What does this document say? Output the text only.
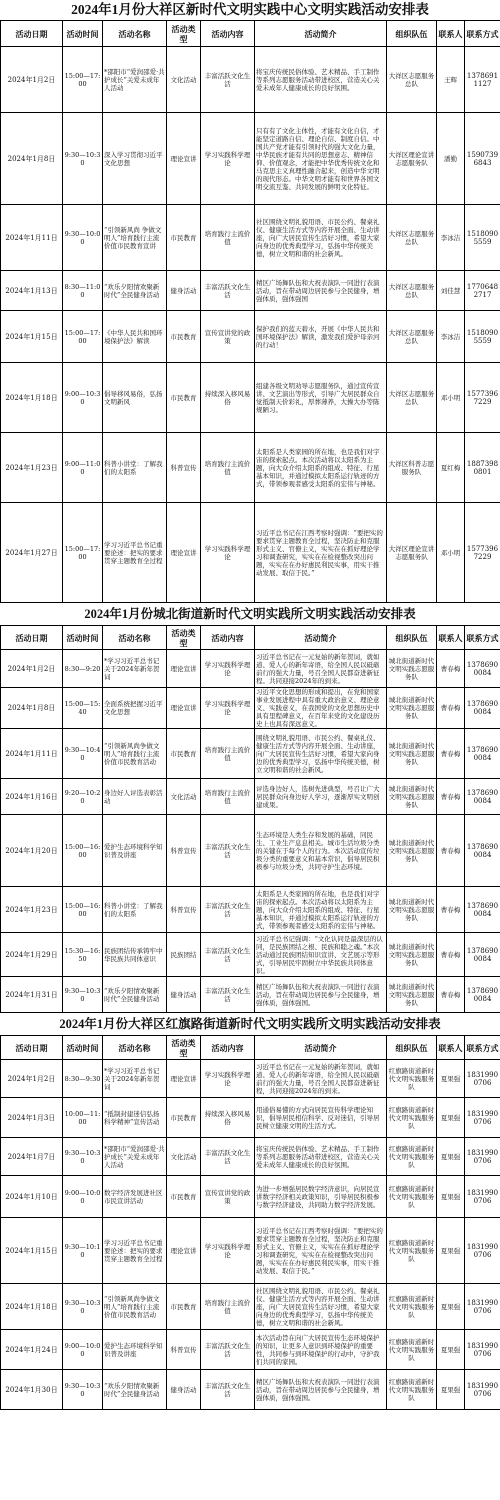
2024年1月份大祥区新时代文明实践中心文明实践活动安排表
活动日期	活动时间	活动名称	活动类型	活动内容	活动简介	组织队伍	联系人	联系方式
2024年1月2日	15:00—17:00	*邵阳市“爱润邵爱·共护成长”关爱未成年人活动	文化活动	丰富活跃文化生活	将宝庆传统民俗体验、艺术精品、手工制作等系列志愿服务活动带进校区，营造关心关爱未成年人健康成长的良好氛围。	大祥区志愿服务总队	王辉	13786911127
2024年1月8日	9:30—10:30	深入学习贯彻习近平文化思想	理论宣讲	学习实践科学理论	只有有了文化主体性，才能有文化自信，才能坚定道路自信、理论自信、制度自信。中国共产党才能有引领时代的强大文化力量，中华民族才能有共同的思想意志、精神信仰、价值观念，才能把中华优秀传统文化和马克思主义真理性融合起来，创造中华文明的现代形态。中华文明才能有和世界各国文明交流互鉴、共同发展的鲜明文化特征。	大祥区理论宣讲志愿服务队	潘勤	15907396843
2024年1月11日	9:30—10:00	“引领新风尚 争做文明人”培育践行主流价值市民教育宣讲	市民教育	培育践行主流价值	社区围绕文明礼貌用语、市民公约、餐桌礼仪、健康生活方式等内容开展全面、生动讲座，向广大居民宣传生活好习惯，希望大家向身边的优秀典型学习，弘扬中华传统美德，树立文明和谐的社会新风。	大祥区志愿服务总队	李冰洁	15180905559
2024年1月13日	8:30—11:00	“欢乐夕阳情欢聚新时代”全民健身活动	健身活动	丰富活跃文化生活	精区广场舞队伍和大祝表演队一同进行表演活动，旨在带动周边居民参与全民健身，增强体质，强体强国	大祥区志愿服务总队	刘佳慧	17706482717
2024年1月15日	15:00—17:00	《中华人民共和国环境保护法》解读	市民教育	宣传宣讲党的政策	保护我们的蓝天碧水，开展《中华人民共和国环境保护法》解读，激发我们爱护母亲河的行动！	大祥区志愿服务总队	李冰洁	15180905559
2024年1月18日	9:00—10:30	倡导移风易俗，弘扬文明新风	市民教育	持续深入移风易俗	组建各级文明劝导志愿服务队，通过宣传宣讲、文艺演出等形式，引导广大居民群众自觉抵制天价彩礼，厚葬薄养，大操大办等陈规陋习。	大祥区志愿服务总队	邓小明	15773967229
2024年1月23日	9:00—11:00	科普小讲堂：了解我们的太阳系	科普宣传	培育践行主流价值	太阳系是人类家园的所在地，也是我们对宇宙的探索起点。本次活动将以太阳系为主题，向大众介绍太阳系的组成、特征、行星基本知识，并通过模拟太阳系运行轨迹的方式，带领参观者感受太阳系的宏伟与神秘。	大祥区科普志愿服务队	夏红梅	18873980801
2024年1月27日	15:00—17:00	学习习近平总书记重要论述：把实的要求贯穿主题教育全过程	理论宣讲	学习实践科学理论	习近平总书记在江西考察时强调：“要把实的要求贯穿主题教育全过程，坚决防止和克服形式主义、官僚主义，实实在在抓好理论学习和调查研究，实实在在检视整改突出问题，实实在在办好惠民利民实事，用实干推动发展、取信于民。”	大祥区理论宣讲志愿服务队	邓小明	15773967229
2024年1月份城北街道新时代文明实践所文明实践活动安排表
活动日期	活动时间	活动名称	活动类型	活动内容	活动简介	组织队伍	联系人	联系方式
2024年1月2日	8:30—9:20	*学习习近平总书记关于2024年新年贺词	理论宣讲	学习实践科学理论	习近平总书记在一元复始的新年贺词，就如道、爱人心的新年寄语，给全国人民以砥砺前行的强大力量，号召全国人民都奋进新征程。共同迎接2024年的到来。	城北街道新时代文明实践志愿服务队	曹春梅	13786900084
2024年1月8日	15:00—15:40	全面系统把握习近平文化思想	理论宣讲	学习实践科学理论	习近平文化思想的形成和提出，在党和国家事业发展进程中具有重大政治意义、理论意义、实践意义，在我国党的文化思想历史中具有里程碑意义，在百年来党的文化建设历史上也具有深远意义。	城北街道新时代文明实践志愿服务队	曹春梅	13786900084
2024年1月11日	9:30—10:40	“引领新风尚争做文明人”培育践行主流价值市民教育活动	市民教育	培育践行主流价值	围绕文明礼貌用语、市民公约、餐桌礼仪、健康生活方式等内容开展全面、生动讲座，向广大居民宣传生活好习惯，希望大家向身边的优秀典型学习，弘扬中华传统美德，树立文明和谐的社会新风。	城北街道新时代文明实践志愿服务队	曹春梅	13786900084
2024年1月16日	9:20—10:20	身边好人评选表彰活动	文化活动	培育践行主流价值	评选身边好人，选树先进典型，号召让广大居民群众向身边好人学习，逐渐厚实文明创建成果。	城北街道新时代文明实践志愿服务队	曹春梅	13786900084
2024年1月20日	15:00—16:00	爱护生态环境科学知识普及讲座	科普宣传	丰富活跃文化生活	生态环境是人类生存和发展的基础，同民生、工业生产息息相关。城市生活垃圾分类的关键在于每个人的行为。本次活动宣传垃圾分类的重要意义和基本常识，倡导居民积极参与垃圾分类，共同守护生态环境。	城北街道新时代文明实践志愿服务队	曹春梅	13786900084
2024年1月23日	15:00—16:00	科普小讲堂：了解我们的太阳系	科普宣传	丰富活跃文化生活	太阳系是人类家园的所在地，也是我们对宇宙的探索起点。本次活动将以太阳系为主题，向大众介绍太阳系的组成、特征、行星基本知识，并通过模拟太阳系运行轨迹的方式，带领参观者感受太阳系的宏伟与神秘。	城北街道新时代文明实践志愿服务队	曹春梅	13786900084
2024年1月29日	15:30—16:50	民族团结传承铸牢中华民族共同体意识	民族团结	丰富活跃文化生活	习近平总书记强调：“文化认同是最深层的认同，是民族团结之根、民族和睦之魂。”本次活动通过民族团结知识宣讲、文艺展示等形式，引导居民牢固树立中华民族共同体意识。	城北街道新时代文明实践志愿服务队	曹春梅	13786900084
2024年1月31日	9:30—10:30	“欢乐夕阳情欢聚新时代”全民健身活动	健身活动	丰富活跃文化生活	精区广场舞队伍和大祝表演队一同进行表演活动，旨在带动周边居民参与全民健身，增强体质，强体强国。	城北街道新时代文明实践志愿服务队	曹春梅	13786900084
2024年1月份大祥区红旗路街道新时代文明实践所文明实践活动安排表
活动日期	活动时间	活动名称	活动类型	活动内容	活动简介	组织队伍	联系人	联系方式
2024年1月2日	8:30—9:30	*学习习近平总书记关于2024年新年贺词	理论宣讲	学习实践科学理论	习近平总书记在一元复始的新年贺词，就如道、爱人心的新年寄语，给全国人民以砥砺前行的强大力量，号召全国人民都奋进新征程，共同迎接2024年的到来。	红旗路街道新时代文明实践服务队	夏果强	18319900706
2024年1月3日	10:00—11:00	“抵制封建迷信弘扬科学精神”宣传活动	市民教育	持续深入移风易俗	用通俗易懂的方式向居民宣传科学理论知识，倡导居民相信科学、反对迷信，引导居民树立健康文明的生活方式。	红旗路街道新时代文明实践服务队	夏果强	18319900706
2024年1月7日	9:30—10:30	*邵阳市“爱润邵爱·共护成长”关爱未成年人活动	文化活动	丰富活跃文化生活	将宝庆传统民俗体验、艺术精品、手工制作等系列志愿服务活动带进校区，营造关心关爱未成年人健康成长的良好氛围。	红旗路街道新时代文明实践服务队	夏果强	18319900706
2024年1月10日	9:00—10:00	数字经济发展进社区市民宣讲活动	市民教育	宣传宣讲党的政策	为进一步增强居民数字经济意识，向居民宣讲数字经济相关政策知识，引导居民积极参与数字经济建设，共同助力数字经济发展。	红旗路街道新时代文明实践服务队	夏果强	18319900706
2024年1月15日	9:30—10:10	学习习近平总书记重要论述：把实的要求贯穿主题教育全过程	理论宣讲	学习实践科学理论	习近平总书记在江西考察时强调：“要把实的要求贯穿主题教育全过程，坚决防止和克服形式主义、官僚主义，实实在在抓好理论学习和调查研究，实实在在检视整改突出问题，实实在在办好惠民利民实事，用实干推动发展、取信于民。”	红旗路街道新时代文明实践服务队	夏果强	18319900706
2024年1月18日	9:30—10:30	“引领新风尚争做文明人”培育践行主流价值市民教育活动	市民教育	培育践行主流价值	社区围绕文明礼貌用语、市民公约、餐桌礼仪、健康生活方式等内容开展全面、生动讲座，向广大居民宣传生活好习惯，希望大家向身边的优秀典型学习，弘扬中华传统美德，树立文明和谐的社会新风。	红旗路街道新时代文明实践服务队	夏果强	18319900706
2024年1月24日	9:00—10:00	爱护生态环境科学知识普及讲座	科普宣传	丰富活跃文化生活	本次活动旨在向广大居民宣传生态环境保护的知识，让更多人意识到环境保护的重要性，共同参与到环境保护的行动中，守护我们共同的家园。	红旗路街道新时代文明实践服务队	夏果强	18319900706
2024年1月30日	9:30—10:30	“欢乐夕阳情欢聚新时代”全民健身活动	健身活动	丰富活跃文化生活	精区广场舞队伍和大祝表演队一同进行表演活动，旨在带动周边居民参与全民健身，增强体质，强体强国。	红旗路街道新时代文明实践服务队	夏果强	18319900706
